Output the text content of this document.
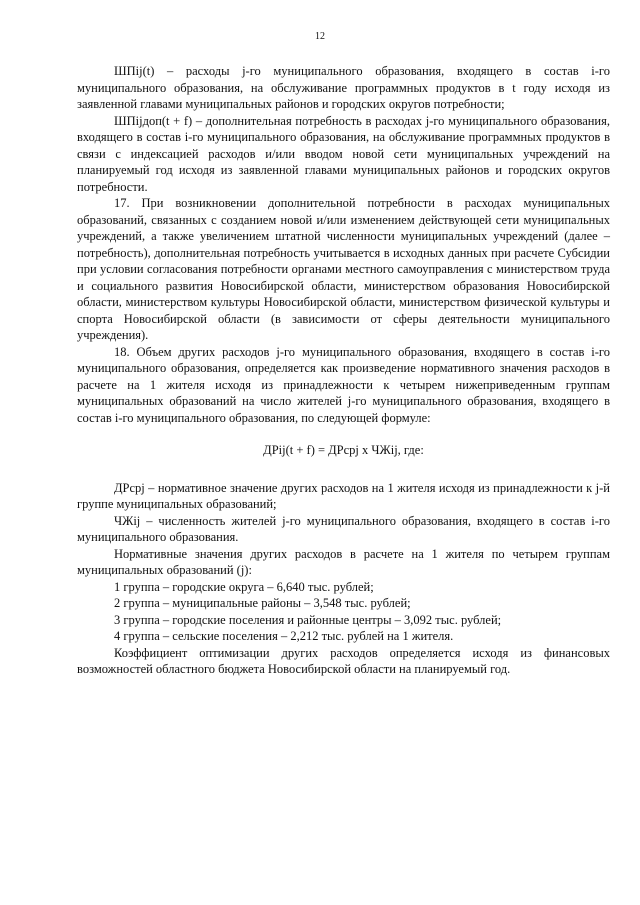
12

ШПij(t) – расходы j-го муниципального образования, входящего в состав i-го муниципального образования, на обслуживание программных продуктов в t году исходя из заявленной главами муниципальных районов и городских округов потребности;

ШПijдоп(t + f) – дополнительная потребность в расходах j-го муниципального образования, входящего в состав i-го муниципального образования, на обслуживание программных продуктов в связи с индексацией расходов и/или вводом новой сети муниципальных учреждений на планируемый год исходя из заявленной главами муниципальных районов и городских округов потребности.

17. При возникновении дополнительной потребности в расходах муниципальных образований, связанных с созданием новой и/или изменением действующей сети муниципальных учреждений, а также увеличением штатной численности муниципальных учреждений (далее – потребность), дополнительная потребность учитывается в исходных данных при расчете Субсидии при условии согласования потребности органами местного самоуправления с министерством труда и социального развития Новосибирской области, министерством образования Новосибирской области, министерством культуры Новосибирской области, министерством физической культуры и спорта Новосибирской области (в зависимости от сферы деятельности муниципального учреждения).

18. Объем других расходов j-го муниципального образования, входящего в состав i-го муниципального образования, определяется как произведение нормативного значения расходов в расчете на 1 жителя исходя из принадлежности к четырем нижеприведенным группам муниципальных образований на число жителей j-го муниципального образования, входящего в состав i-го муниципального образования, по следующей формуле:

ДРij(t + f) = ДРсрj x ЧЖij, где:

ДРсрj – нормативное значение других расходов на 1 жителя исходя из принадлежности к j-й группе муниципальных образований;

ЧЖij – численность жителей j-го муниципального образования, входящего в состав i-го муниципального образования.

Нормативные значения других расходов в расчете на 1 жителя по четырем группам муниципальных образований (j):

1 группа – городские округа – 6,640 тыс. рублей;

2 группа – муниципальные районы – 3,548 тыс. рублей;

3 группа – городские поселения и районные центры – 3,092 тыс. рублей;

4 группа – сельские поселения – 2,212 тыс. рублей на 1 жителя.

Коэффициент оптимизации других расходов определяется исходя из финансовых возможностей областного бюджета Новосибирской области на планируемый год.
